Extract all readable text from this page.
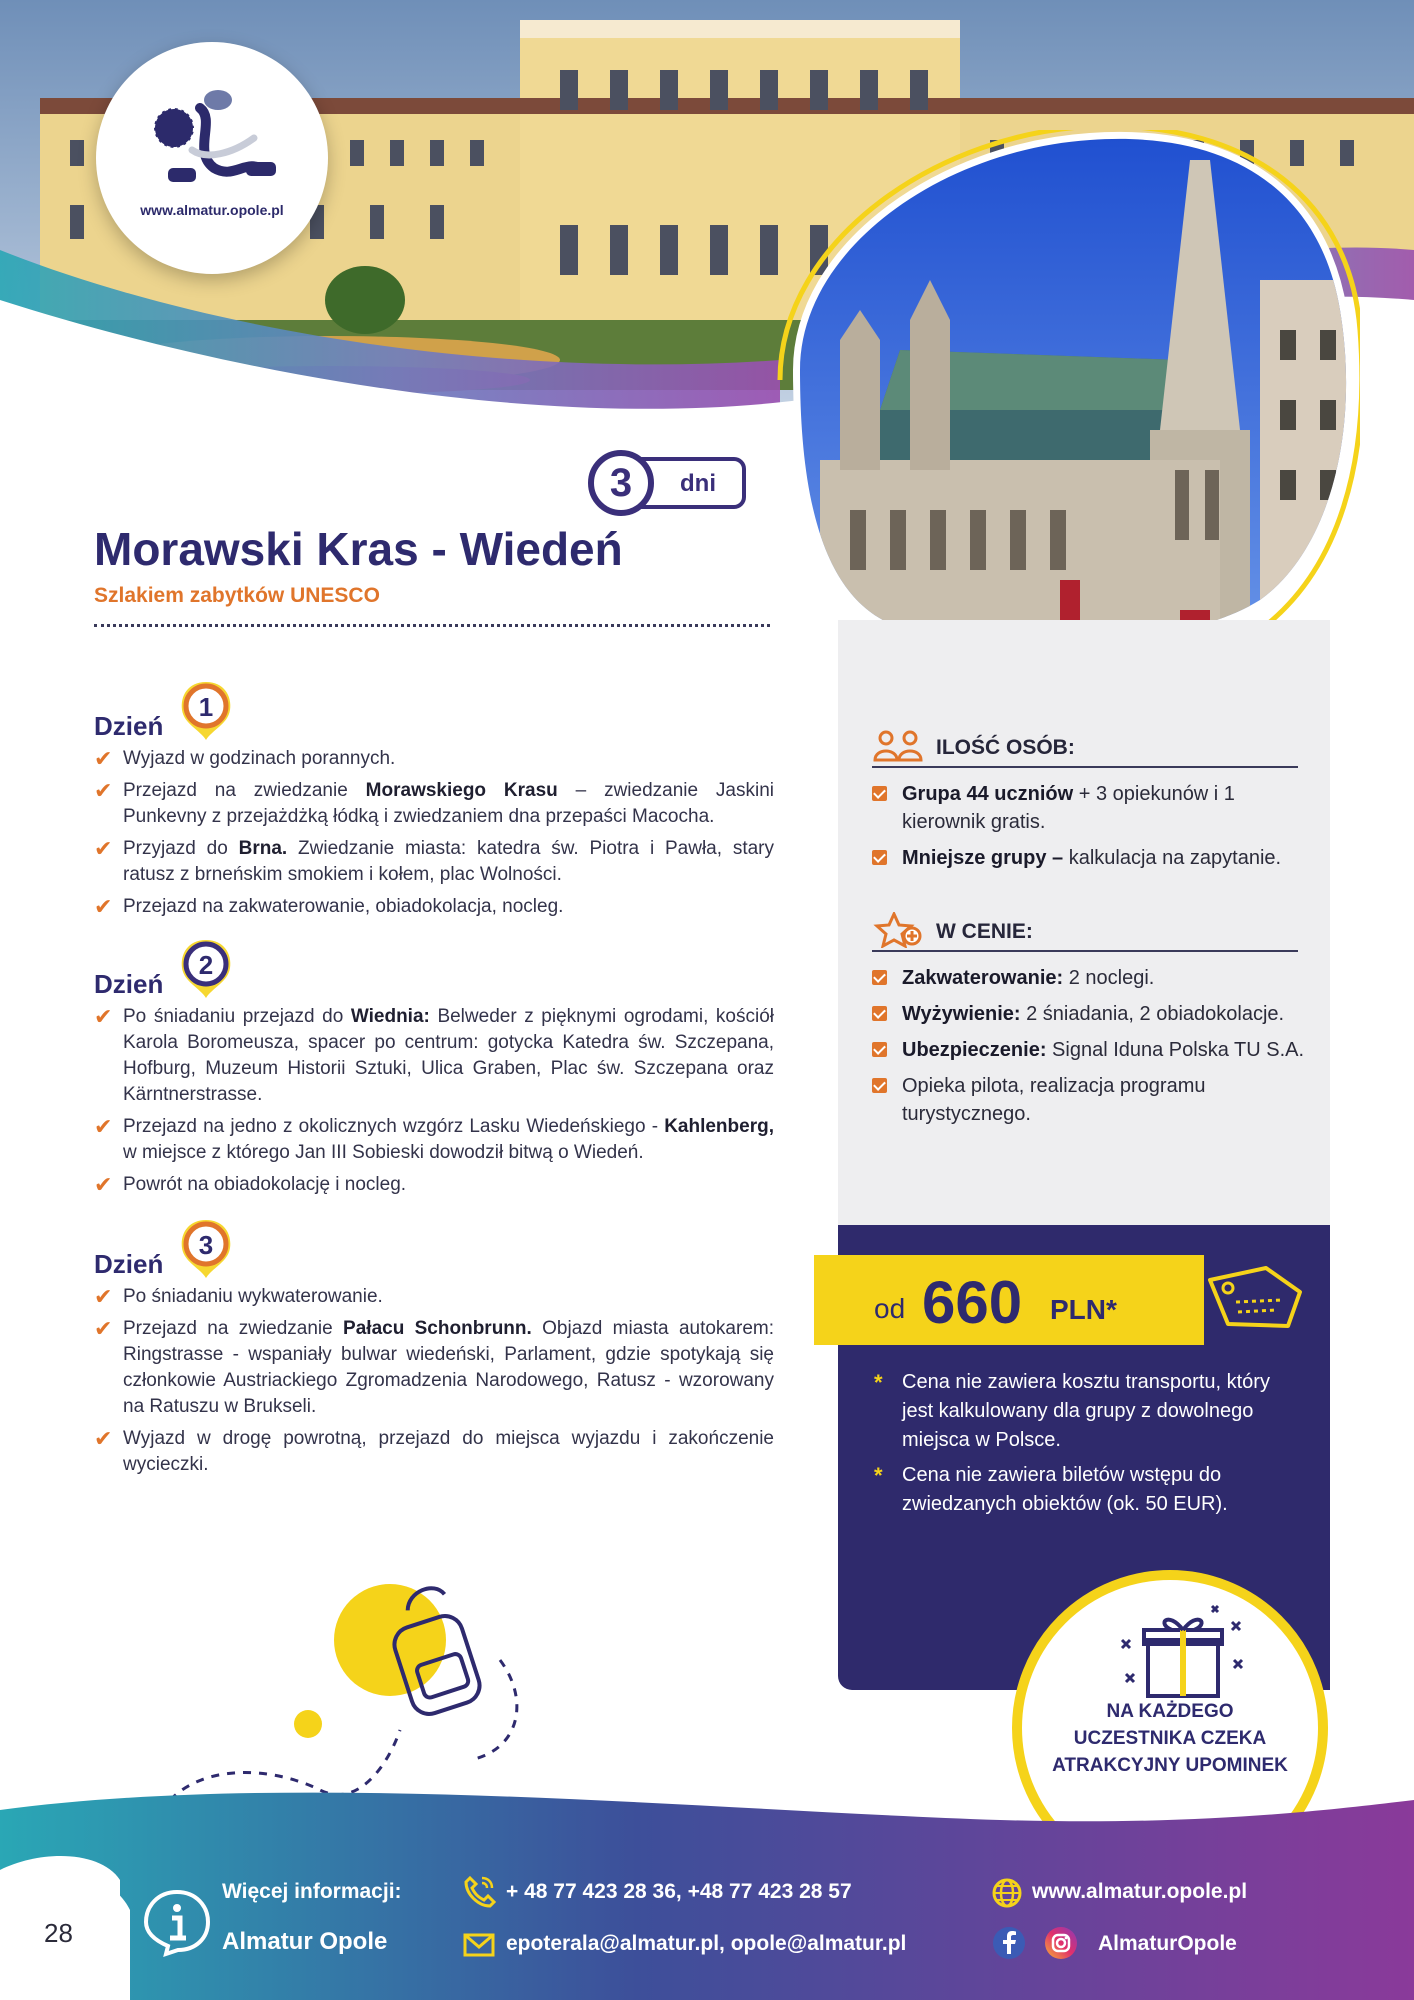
www.almatur.opole.pl
dni
3
Morawski Kras - Wiedeń
Szlakiem zabytków UNESCO
Dzień
1
✔ Wyjazd w godzinach porannych.
✔ Przejazd na zwiedzanie Morawskiego Krasu – zwiedzanie Jaskini Punkevny z przejażdżką łódką i zwiedzaniem dna przepaści Macocha.
✔ Przyjazd do Brna. Zwiedzanie miasta: katedra św. Piotra i Pawła, stary ratusz z brneńskim smokiem i kołem, plac Wolności.
✔ Przejazd na zakwaterowanie, obiadokolacja, nocleg.
Dzień
2
✔ Po śniadaniu przejazd do Wiednia: Belweder z pięknymi ogrodami, kościół Karola Boromeusza, spacer po centrum: gotycka Katedra św. Szczepana, Hofburg, Muzeum Historii Sztuki, Ulica Graben, Plac św. Szczepana oraz Kärntnerstrasse.
✔ Przejazd na jedno z okolicznych wzgórz Lasku Wiedeńskiego - Kahlenberg, w miejsce z którego Jan III Sobieski dowodził bitwą o Wiedeń.
✔ Powrót na obiadokolację i nocleg.
Dzień
3
✔ Po śniadaniu wykwaterowanie.
✔ Przejazd na zwiedzanie Pałacu Schonbrunn. Objazd miasta autokarem: Ringstrasse - wspaniały bulwar wiedeński, Parlament, gdzie spotykają się członkowie Austriackiego Zgromadzenia Narodowego, Ratusz - wzorowany na Ratuszu w Brukseli.
✔ Wyjazd w drogę powrotną, przejazd do miejsca wyjazdu i zakończenie wycieczki.
ILOŚĆ OSÓB:
Grupa 44 uczniów + 3 opiekunów i 1 kierownik gratis.
Mniejsze grupy – kalkulacja na zapytanie.
W CENIE:
Zakwaterowanie: 2 noclegi.
Wyżywienie: 2 śniadania, 2 obiadokolacje.
Ubezpieczenie: Signal Iduna Polska TU S.A.
Opieka pilota, realizacja programu turystycznego.
od 660 PLN*
* Cena nie zawiera kosztu transportu, który jest kalkulowany dla grupy z dowolnego miejsca w Polsce.
* Cena nie zawiera biletów wstępu do zwiedzanych obiektów (ok. 50 EUR).
NA KAŻDEGO UCZESTNIKA CZEKA ATRAKCYJNY UPOMINEK
28
Więcej informacji:
Almatur Opole
+ 48 77 423 28 36, +48 77 423 28 57
epoterala@almatur.pl, opole@almatur.pl
www.almatur.opole.pl
AlmaturOpole
